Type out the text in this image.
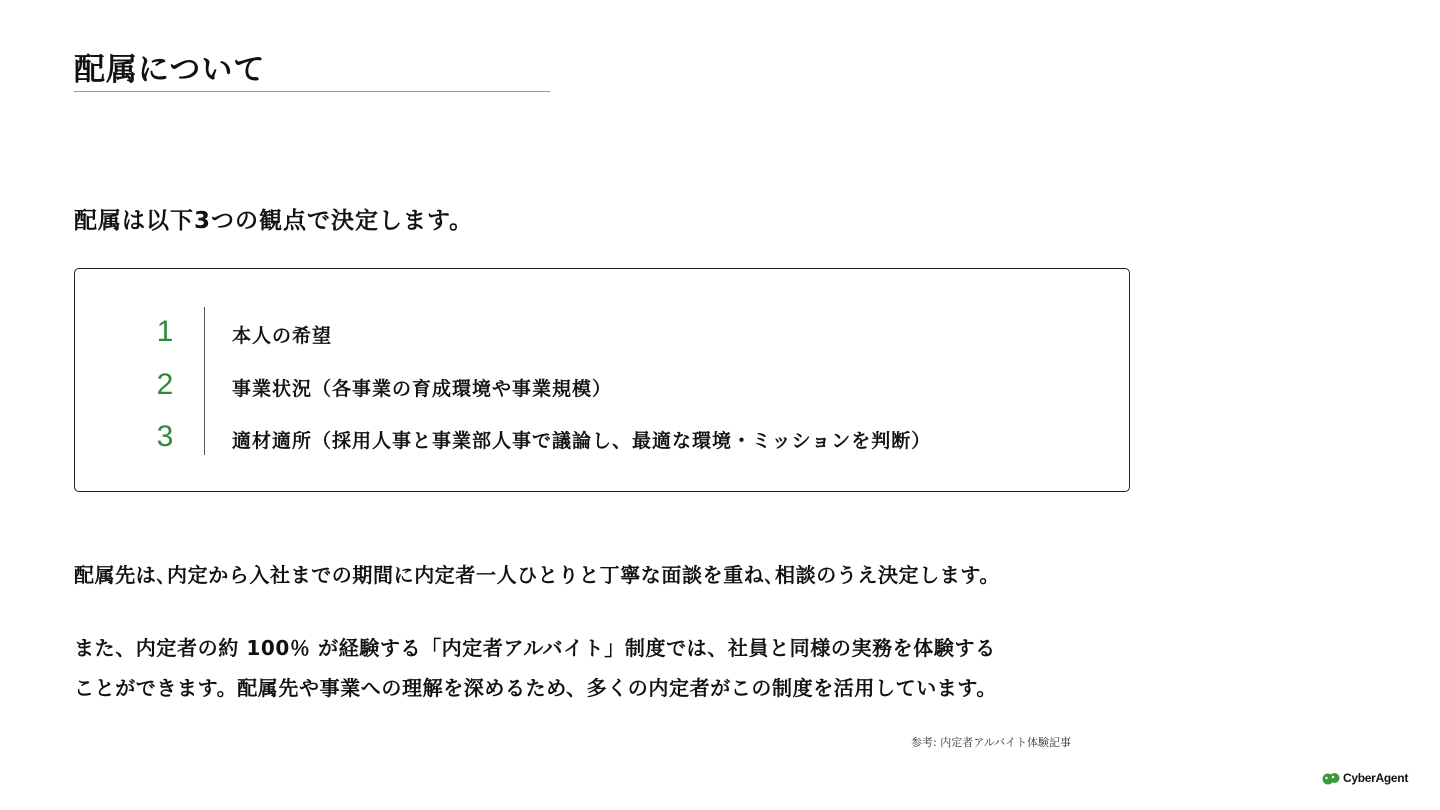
配属について

配属は以下3つの観点で決定します。

1	本人の希望
2	事業状況（各事業の育成環境や事業規模）
3	適材適所（採用人事と事業部人事で議論し、最適な環境・ミッションを判断）

配属先は､内定から入社までの期間に内定者一人ひとりと丁寧な面談を重ね､相談のうえ決定します。

また、内定者の約 100％ が経験する「内定者アルバイト」制度では、社員と同様の実務を体験する

ことができます。配属先や事業への理解を深めるため、多くの内定者がこの制度を活用しています。

参考: 内定者アルバイト体験記事
CyberAgent
